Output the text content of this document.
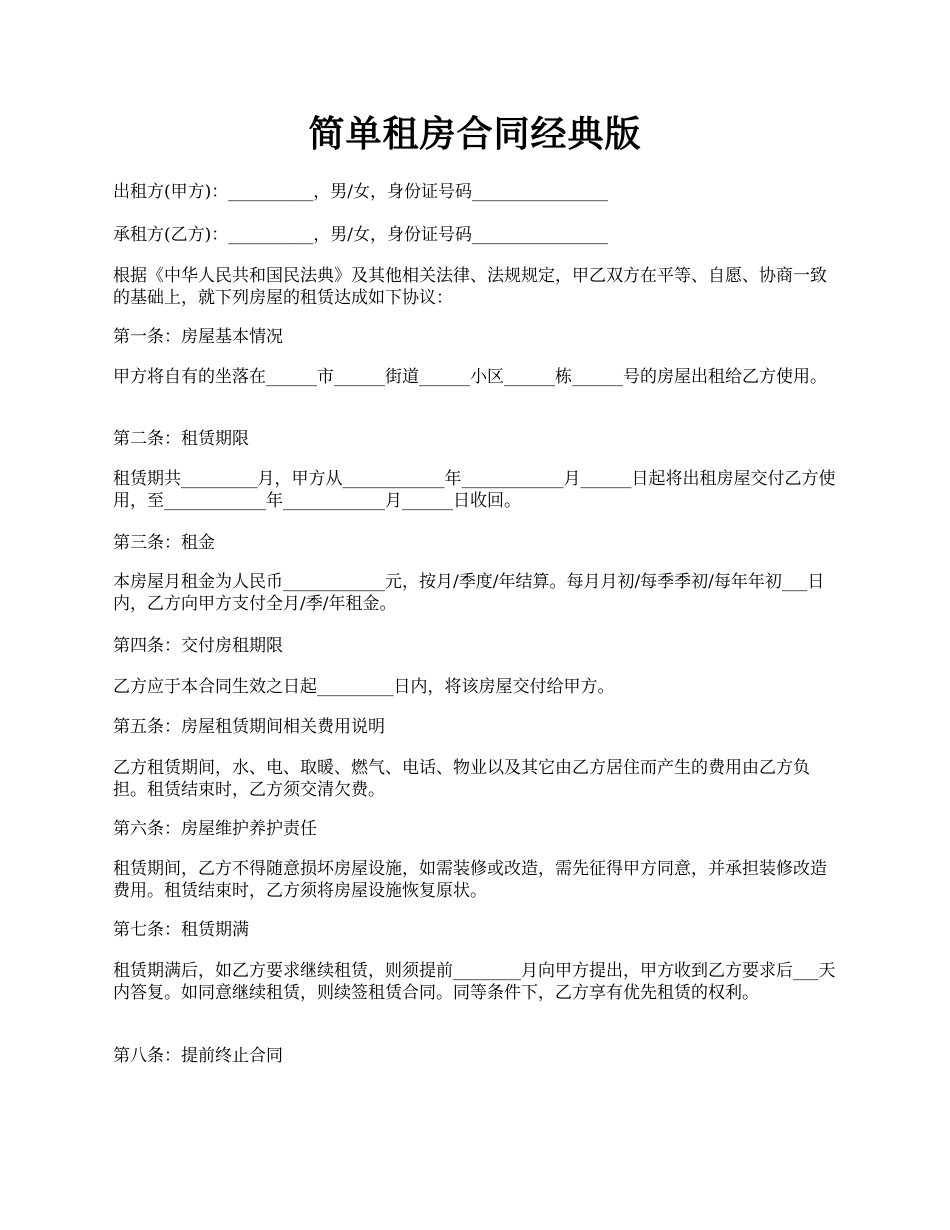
简单租房合同经典版

出租方(甲方)：__________，男/女，身份证号码________________

承租方(乙方)：__________，男/女，身份证号码________________

根据《中华人民共和国民法典》及其他相关法律、法规规定，甲乙双方在平等、自愿、协商一致的基础上，就下列房屋的租赁达成如下协议：

第一条：房屋基本情况

甲方将自有的坐落在______市______街道______小区______栋______号的房屋出租给乙方使用。

第二条：租赁期限

租赁期共_________月，甲方从____________年____________月______日起将出租房屋交付乙方使用，至____________年____________月______日收回。

第三条：租金

本房屋月租金为人民币____________元，按月/季度/年结算。每月月初/每季季初/每年年初___日内，乙方向甲方支付全月/季/年租金。

第四条：交付房租期限

乙方应于本合同生效之日起_________日内，将该房屋交付给甲方。

第五条：房屋租赁期间相关费用说明

乙方租赁期间，水、电、取暖、燃气、电话、物业以及其它由乙方居住而产生的费用由乙方负担。租赁结束时，乙方须交清欠费。

第六条：房屋维护养护责任

租赁期间，乙方不得随意损坏房屋设施，如需装修或改造，需先征得甲方同意，并承担装修改造费用。租赁结束时，乙方须将房屋设施恢复原状。

第七条：租赁期满

租赁期满后，如乙方要求继续租赁，则须提前________月向甲方提出，甲方收到乙方要求后___天内答复。如同意继续租赁，则续签租赁合同。同等条件下，乙方享有优先租赁的权利。

第八条：提前终止合同
